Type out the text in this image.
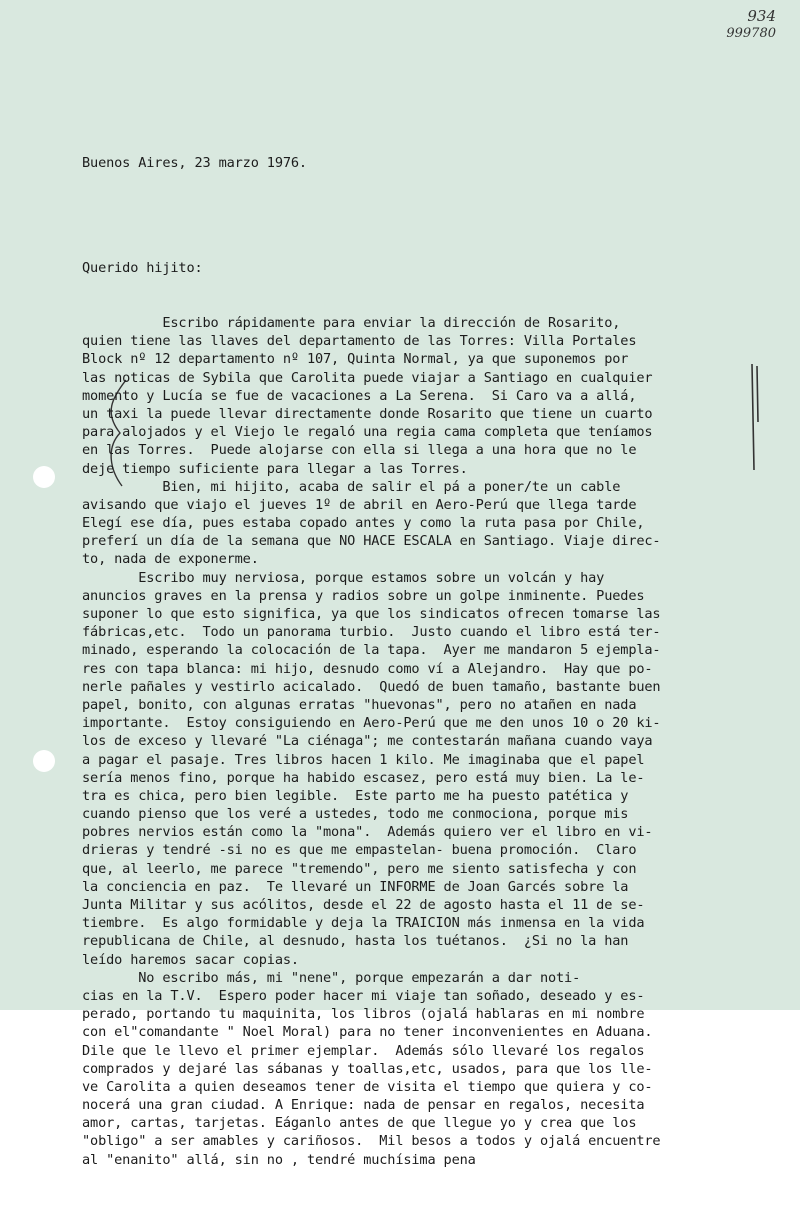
934
999780

Buenos Aires, 23 marzo 1976.

Querido hijito:

Escribo rápidamente para enviar la dirección de Rosarito,
quien tiene las llaves del departamento de las Torres: Villa Portales
Block nº 12 departamento nº 107, Quinta Normal, ya que suponemos por
las noticas de Sybila que Carolita puede viajar a Santiago en cualquier
momento y Lucía se fue de vacaciones a La Serena.  Si Caro va a allá,
un taxi la puede llevar directamente donde Rosarito que tiene un cuarto
para alojados y el Viejo le regaló una regia cama completa que teníamos
en las Torres.  Puede alojarse con ella si llega a una hora que no le
deje tiempo suficiente para llegar a las Torres.
Bien, mi hijito, acaba de salir el pá a poner/te un cable
avisando que viajo el jueves 1º de abril en Aero-Perú que llega tarde
Elegí ese día, pues estaba copado antes y como la ruta pasa por Chile,
preferí un día de la semana que NO HACE ESCALA en Santiago. Viaje direc-
to, nada de exponerme.
Escribo muy nerviosa, porque estamos sobre un volcán y hay
anuncios graves en la prensa y radios sobre un golpe inminente. Puedes
suponer lo que esto significa, ya que los sindicatos ofrecen tomarse las
fábricas,etc.  Todo un panorama turbio.  Justo cuando el libro está ter-
minado, esperando la colocación de la tapa.  Ayer me mandaron 5 ejempla-
res con tapa blanca: mi hijo, desnudo como ví a Alejandro.  Hay que po-
nerle pañales y vestirlo acicalado.  Quedó de buen tamaño, bastante buen
papel, bonito, con algunas erratas "huevonas", pero no atañen en nada
importante.  Estoy consiguiendo en Aero-Perú que me den unos 10 o 20 ki-
los de exceso y llevaré "La ciénaga"; me contestarán mañana cuando vaya
a pagar el pasaje. Tres libros hacen 1 kilo. Me imaginaba que el papel
sería menos fino, porque ha habido escasez, pero está muy bien. La le-
tra es chica, pero bien legible.  Este parto me ha puesto patética y
cuando pienso que los veré a ustedes, todo me conmociona, porque mis
pobres nervios están como la "mona".  Además quiero ver el libro en vi-
drieras y tendré -si no es que me empastelan- buena promoción.  Claro
que, al leerlo, me parece "tremendo", pero me siento satisfecha y con
la conciencia en paz.  Te llevaré un INFORME de Joan Garcés sobre la
Junta Militar y sus acólitos, desde el 22 de agosto hasta el 11 de se-
tiembre.  Es algo formidable y deja la TRAICION más inmensa en la vida
republicana de Chile, al desnudo, hasta los tuétanos.  ¿Si no la han
leído haremos sacar copias.
No escribo más, mi "nene", porque empezarán a dar noti-
cias en la T.V.  Espero poder hacer mi viaje tan soñado, deseado y es-
perado, portando tu maquinita, los libros (ojalá hablaras en mi nombre
con el"comandante " Noel Moral) para no tener inconvenientes en Aduana.
Dile que le llevo el primer ejemplar.  Además sólo llevaré los regalos
comprados y dejaré las sábanas y toallas,etc, usados, para que los lle-
ve Carolita a quien deseamos tener de visita el tiempo que quiera y co-
nocerá una gran ciudad. A Enrique: nada de pensar en regalos, necesita
amor, cartas, tarjetas. Eáganlo antes de que llegue yo y crea que los
"obligo" a ser amables y cariñosos.  Mil besos a todos y ojalá encuentre
al "enanito" allá, sin no , tendré muchísima pena
